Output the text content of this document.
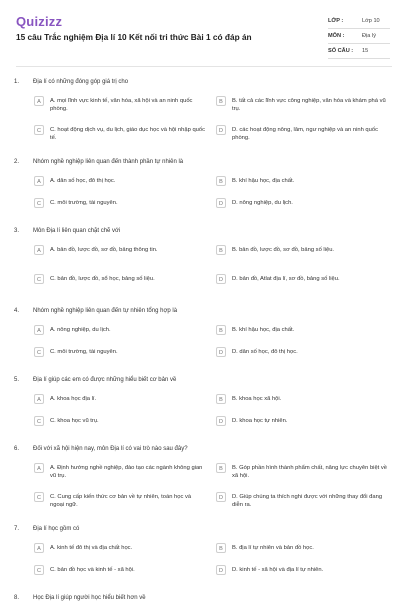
Quizizz
15 câu Trắc nghiệm Địa lí 10 Kết nối tri thức Bài 1 có đáp án
LỚP :	Lớp 10
MÔN :	Địa lý
SỐ CÂU :	15
1.	Địa lí có những đóng góp giá trị cho
A	A. mọi lĩnh vực kinh tế, văn hóa, xã hội và an ninh quốc phòng.
B	B. tất cả các lĩnh vực công nghiệp, văn hóa và khám phá vũ trụ.
C	C. hoạt động dịch vụ, du lịch, giáo dục học và hội nhập quốc tế.
D	D. các hoạt động nông, lâm, ngư nghiệp và an ninh quốc phòng.
2.	Nhóm nghề nghiệp liên quan đến thành phần tự nhiên là
A	A. dân số học, đô thị học.	B	B. khí hậu học, địa chất.
C	C. môi trường, tài nguyên.	D	D. nông nghiệp, du lịch.
3.	Môn Địa lí liên quan chặt chẽ với
A	A. bản đồ, lược đồ, sơ đồ, bảng thông tin.	B	B. bản đồ, lược đồ, sơ đồ, bảng số liệu.
C	C. bản đồ, lược đồ, sổ học, bảng số liệu.	D	D. bản đồ, Atlat địa lí, sơ đồ, bảng số liệu.
4.	Nhóm nghề nghiệp liên quan đến tự nhiên tổng hợp là
A	A. nông nghiệp, du lịch.	B	B. khí hậu học, địa chất.
C	C. môi trường, tài nguyên.	D	D. dân số học, đô thị học.
5.	Địa lí giúp các em có được những hiểu biết cơ bản về
A	A. khoa học địa lí.	B	B. khoa học xã hội.
C	C. khoa học vũ trụ.	D	D. khoa học tự nhiên.
6.	Đối với xã hội hiện nay, môn Địa lí có vai trò nào sau đây?
A	A. Định hướng nghề nghiệp, đào tạo các ngành không gian vũ trụ.
B	B. Góp phần hình thành phẩm chất, năng lực chuyên biệt về xã hội.
C	C. Cung cấp kiến thức cơ bản về tự nhiên, toán học và ngoại ngữ.
D	D. Giúp chúng ta thích nghi được với những thay đổi đang diễn ra.
7.	Địa lí học gồm có
A	A. kinh tế đô thị và địa chất học.	B	B. địa lí tự nhiên và bản đồ học.
C	C. bản đồ học và kinh tế - xã hội.	D	D. kinh tế - xã hội và địa lí tự nhiên.
8.	Học Địa lí giúp người học hiểu biết hơn về
